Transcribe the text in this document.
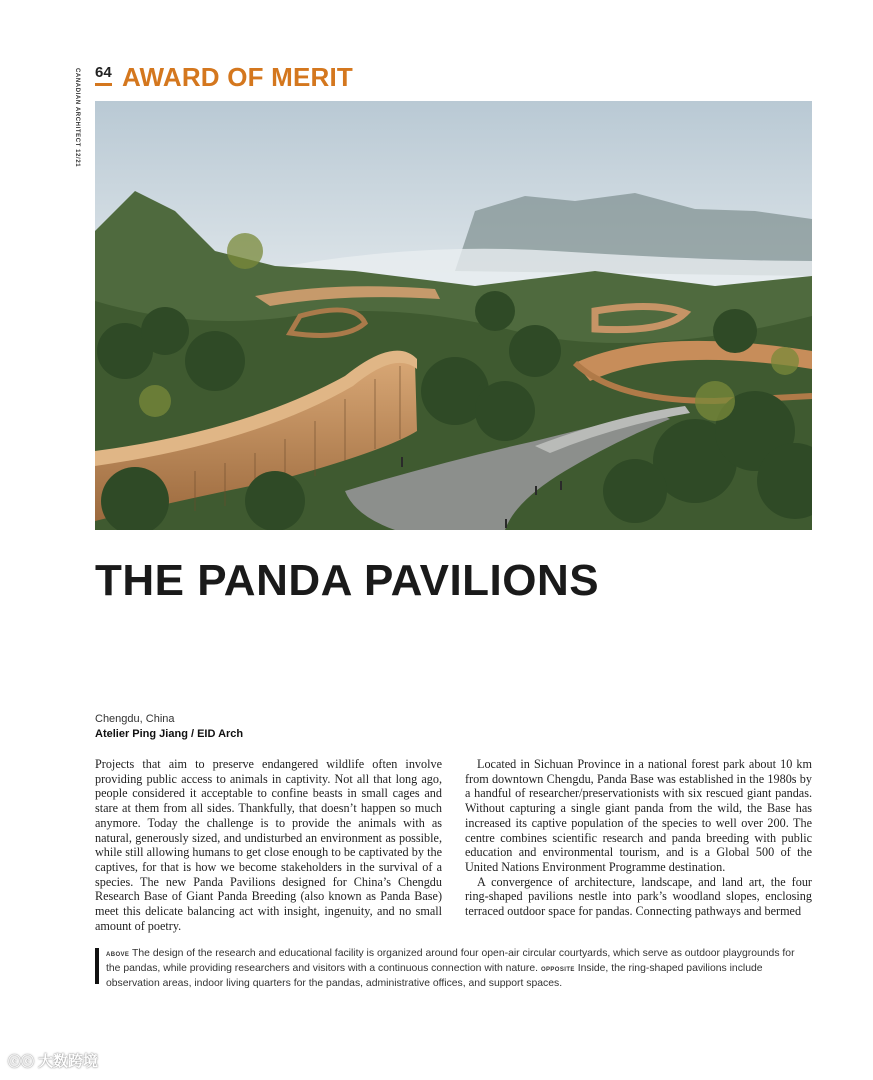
CANADIAN ARCHITECT 12/21 64 AWARD OF MERIT
THE PANDA PAVILIONS
Chengdu, China
Atelier Ping Jiang / EID Arch

Projects that aim to preserve endangered wildlife often involve providing public access to animals in captivity. Not all that long ago, people considered it acceptable to confine beasts in small cages and stare at them from all sides. Thankfully, that doesn’t happen so much anymore. Today the challenge is to provide the animals with as natural, generously sized, and undisturbed an environment as possible, while still allowing humans to get close enough to be captivated by the captives, for that is how we become stakeholders in the survival of a species. The new Panda Pavilions designed for China’s Chengdu Research Base of Giant Panda Breeding (also known as Panda Base) meet this delicate balancing act with insight, ingenuity, and no small amount of poetry.

Located in Sichuan Province in a national forest park about 10 km from downtown Chengdu, Panda Base was established in the 1980s by a handful of researcher/preservationists with six rescued giant pandas. Without capturing a single giant panda from the wild, the Base has increased its captive population of the species to well over 200. The centre combines scientific research and panda breeding with public education and environmental tourism, and is a Global 500 of the United Nations Environment Programme destination.

A convergence of architecture, landscape, and land art, the four ring-shaped pavilions nestle into park’s woodland slopes, enclosing terraced outdoor space for pandas. Connecting pathways and bermed

ABOVE The design of the research and educational facility is organized around four open-air circular courtyards, which serve as outdoor playgrounds for the pandas, while providing researchers and visitors with a continuous connection with nature. OPPOSITE Inside, the ring-shaped pavilions include observation areas, indoor living quarters for the pandas, administrative offices, and support spaces.
ⓒⓒ 大数跨境
